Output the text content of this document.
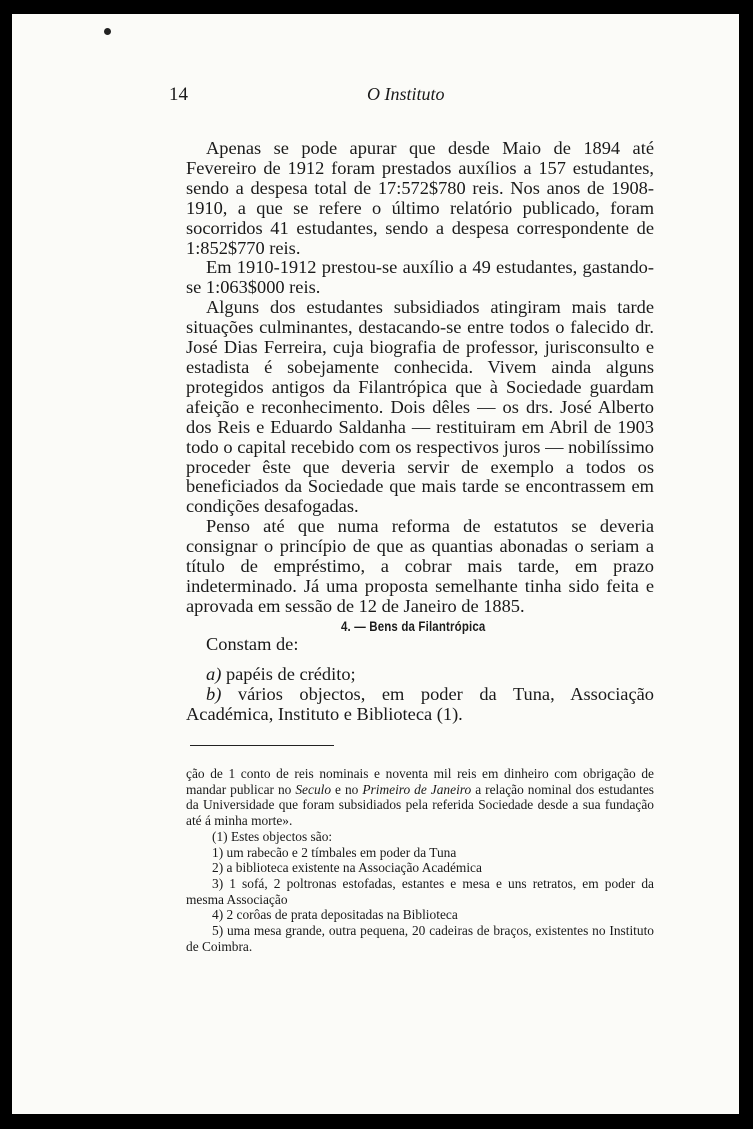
14	O Instituto

Apenas se pode apurar que desde Maio de 1894 até Fevereiro de 1912 foram prestados auxílios a 157 estudantes, sendo a despesa total de 17:572$780 reis. Nos anos de 1908-1910, a que se refere o último relatório publicado, foram socorridos 41 estudantes, sendo a despesa correspondente de 1:852$770 reis.

Em 1910-1912 prestou-se auxílio a 49 estudantes, gastando-se 1:063$000 reis.

Alguns dos estudantes subsidiados atingiram mais tarde situações culminantes, destacando-se entre todos o falecido dr. José Dias Ferreira, cuja biografia de professor, jurisconsulto e estadista é sobejamente conhecida. Vivem ainda alguns protegidos antigos da Filantrópica que à Sociedade guardam afeição e reconhecimento. Dois dêles — os drs. José Alberto dos Reis e Eduardo Saldanha — restituiram em Abril de 1903 todo o capital recebido com os respectivos juros — nobilíssimo proceder êste que deveria servir de exemplo a todos os beneficiados da Sociedade que mais tarde se encontrassem em condições desafogadas.

Penso até que numa reforma de estatutos se deveria consignar o princípio de que as quantias abonadas o seriam a título de empréstimo, a cobrar mais tarde, em prazo indeterminado. Já uma proposta semelhante tinha sido feita e aprovada em sessão de 12 de Janeiro de 1885.

4. — Bens da Filantrópica

Constam de:

a) papéis de crédito;

b) vários objectos, em poder da Tuna, Associação Académica, Instituto e Biblioteca (1).

ção de 1 conto de reis nominais e noventa mil reis em dinheiro com obrigação de mandar publicar no Seculo e no Primeiro de Janeiro a relação nominal dos estudantes da Universidade que foram subsidiados pela referida Sociedade desde a sua fundação até á minha morte».

(1) Estes objectos são:

1) um rabecão e 2 tímbales em poder da Tuna

2) a biblioteca existente na Associação Académica

3) 1 sofá, 2 poltronas estofadas, estantes e mesa e uns retratos, em poder da mesma Associação

4) 2 corôas de prata depositadas na Biblioteca

5) uma mesa grande, outra pequena, 20 cadeiras de braços, existentes no Instituto de Coimbra.
